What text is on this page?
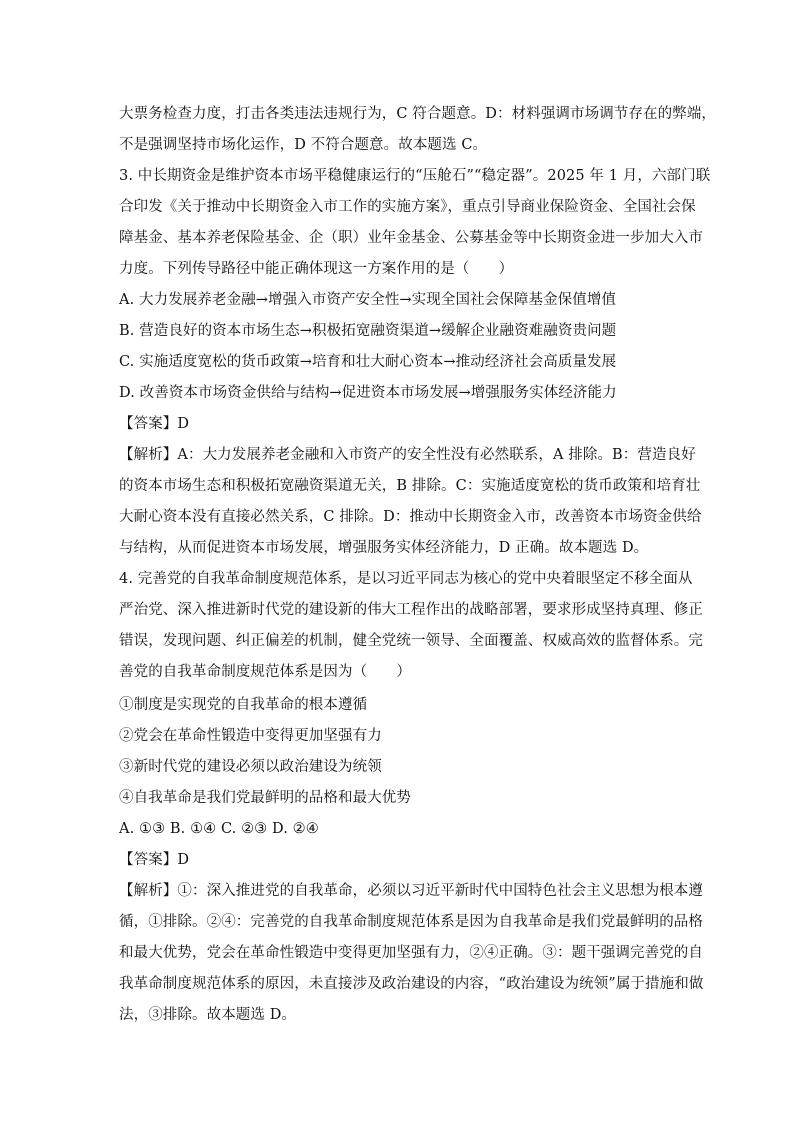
大票务检查力度，打击各类违法违规行为，C 符合题意。D：材料强调市场调节存在的弊端，
不是强调坚持市场化运作，D 不符合题意。故本题选 C。
3. 中长期资金是维护资本市场平稳健康运行的“压舱石”“稳定器”。2025 年 1 月，六部门联
合印发《关于推动中长期资金入市工作的实施方案》，重点引导商业保险资金、全国社会保
障基金、基本养老保险基金、企（职）业年金基金、公募基金等中长期资金进一步加大入市
力度。下列传导路径中能正确体现这一方案作用的是（　　）
A. 大力发展养老金融→增强入市资产安全性→实现全国社会保障基金保值增值
B. 营造良好的资本市场生态→积极拓宽融资渠道→缓解企业融资难融资贵问题
C. 实施适度宽松的货币政策→培育和壮大耐心资本→推动经济社会高质量发展
D. 改善资本市场资金供给与结构→促进资本市场发展→增强服务实体经济能力
【答案】D
【解析】A：大力发展养老金融和入市资产的安全性没有必然联系，A 排除。B：营造良好
的资本市场生态和积极拓宽融资渠道无关，B 排除。C：实施适度宽松的货币政策和培育壮
大耐心资本没有直接必然关系，C 排除。D：推动中长期资金入市，改善资本市场资金供给
与结构，从而促进资本市场发展，增强服务实体经济能力，D 正确。故本题选 D。
4. 完善党的自我革命制度规范体系，是以习近平同志为核心的党中央着眼坚定不移全面从
严治党、深入推进新时代党的建设新的伟大工程作出的战略部署，要求形成坚持真理、修正
错误，发现问题、纠正偏差的机制，健全党统一领导、全面覆盖、权威高效的监督体系。完
善党的自我革命制度规范体系是因为（　　）
①制度是实现党的自我革命的根本遵循
②党会在革命性锻造中变得更加坚强有力
③新时代党的建设必须以政治建设为统领
④自我革命是我们党最鲜明的品格和最大优势
A. ①③ B. ①④ C. ②③ D. ②④
【答案】D
【解析】①：深入推进党的自我革命，必须以习近平新时代中国特色社会主义思想为根本遵
循，①排除。②④：完善党的自我革命制度规范体系是因为自我革命是我们党最鲜明的品格
和最大优势，党会在革命性锻造中变得更加坚强有力，②④正确。③：题干强调完善党的自
我革命制度规范体系的原因，未直接涉及政治建设的内容，“政治建设为统领”属于措施和做
法，③排除。故本题选 D。
